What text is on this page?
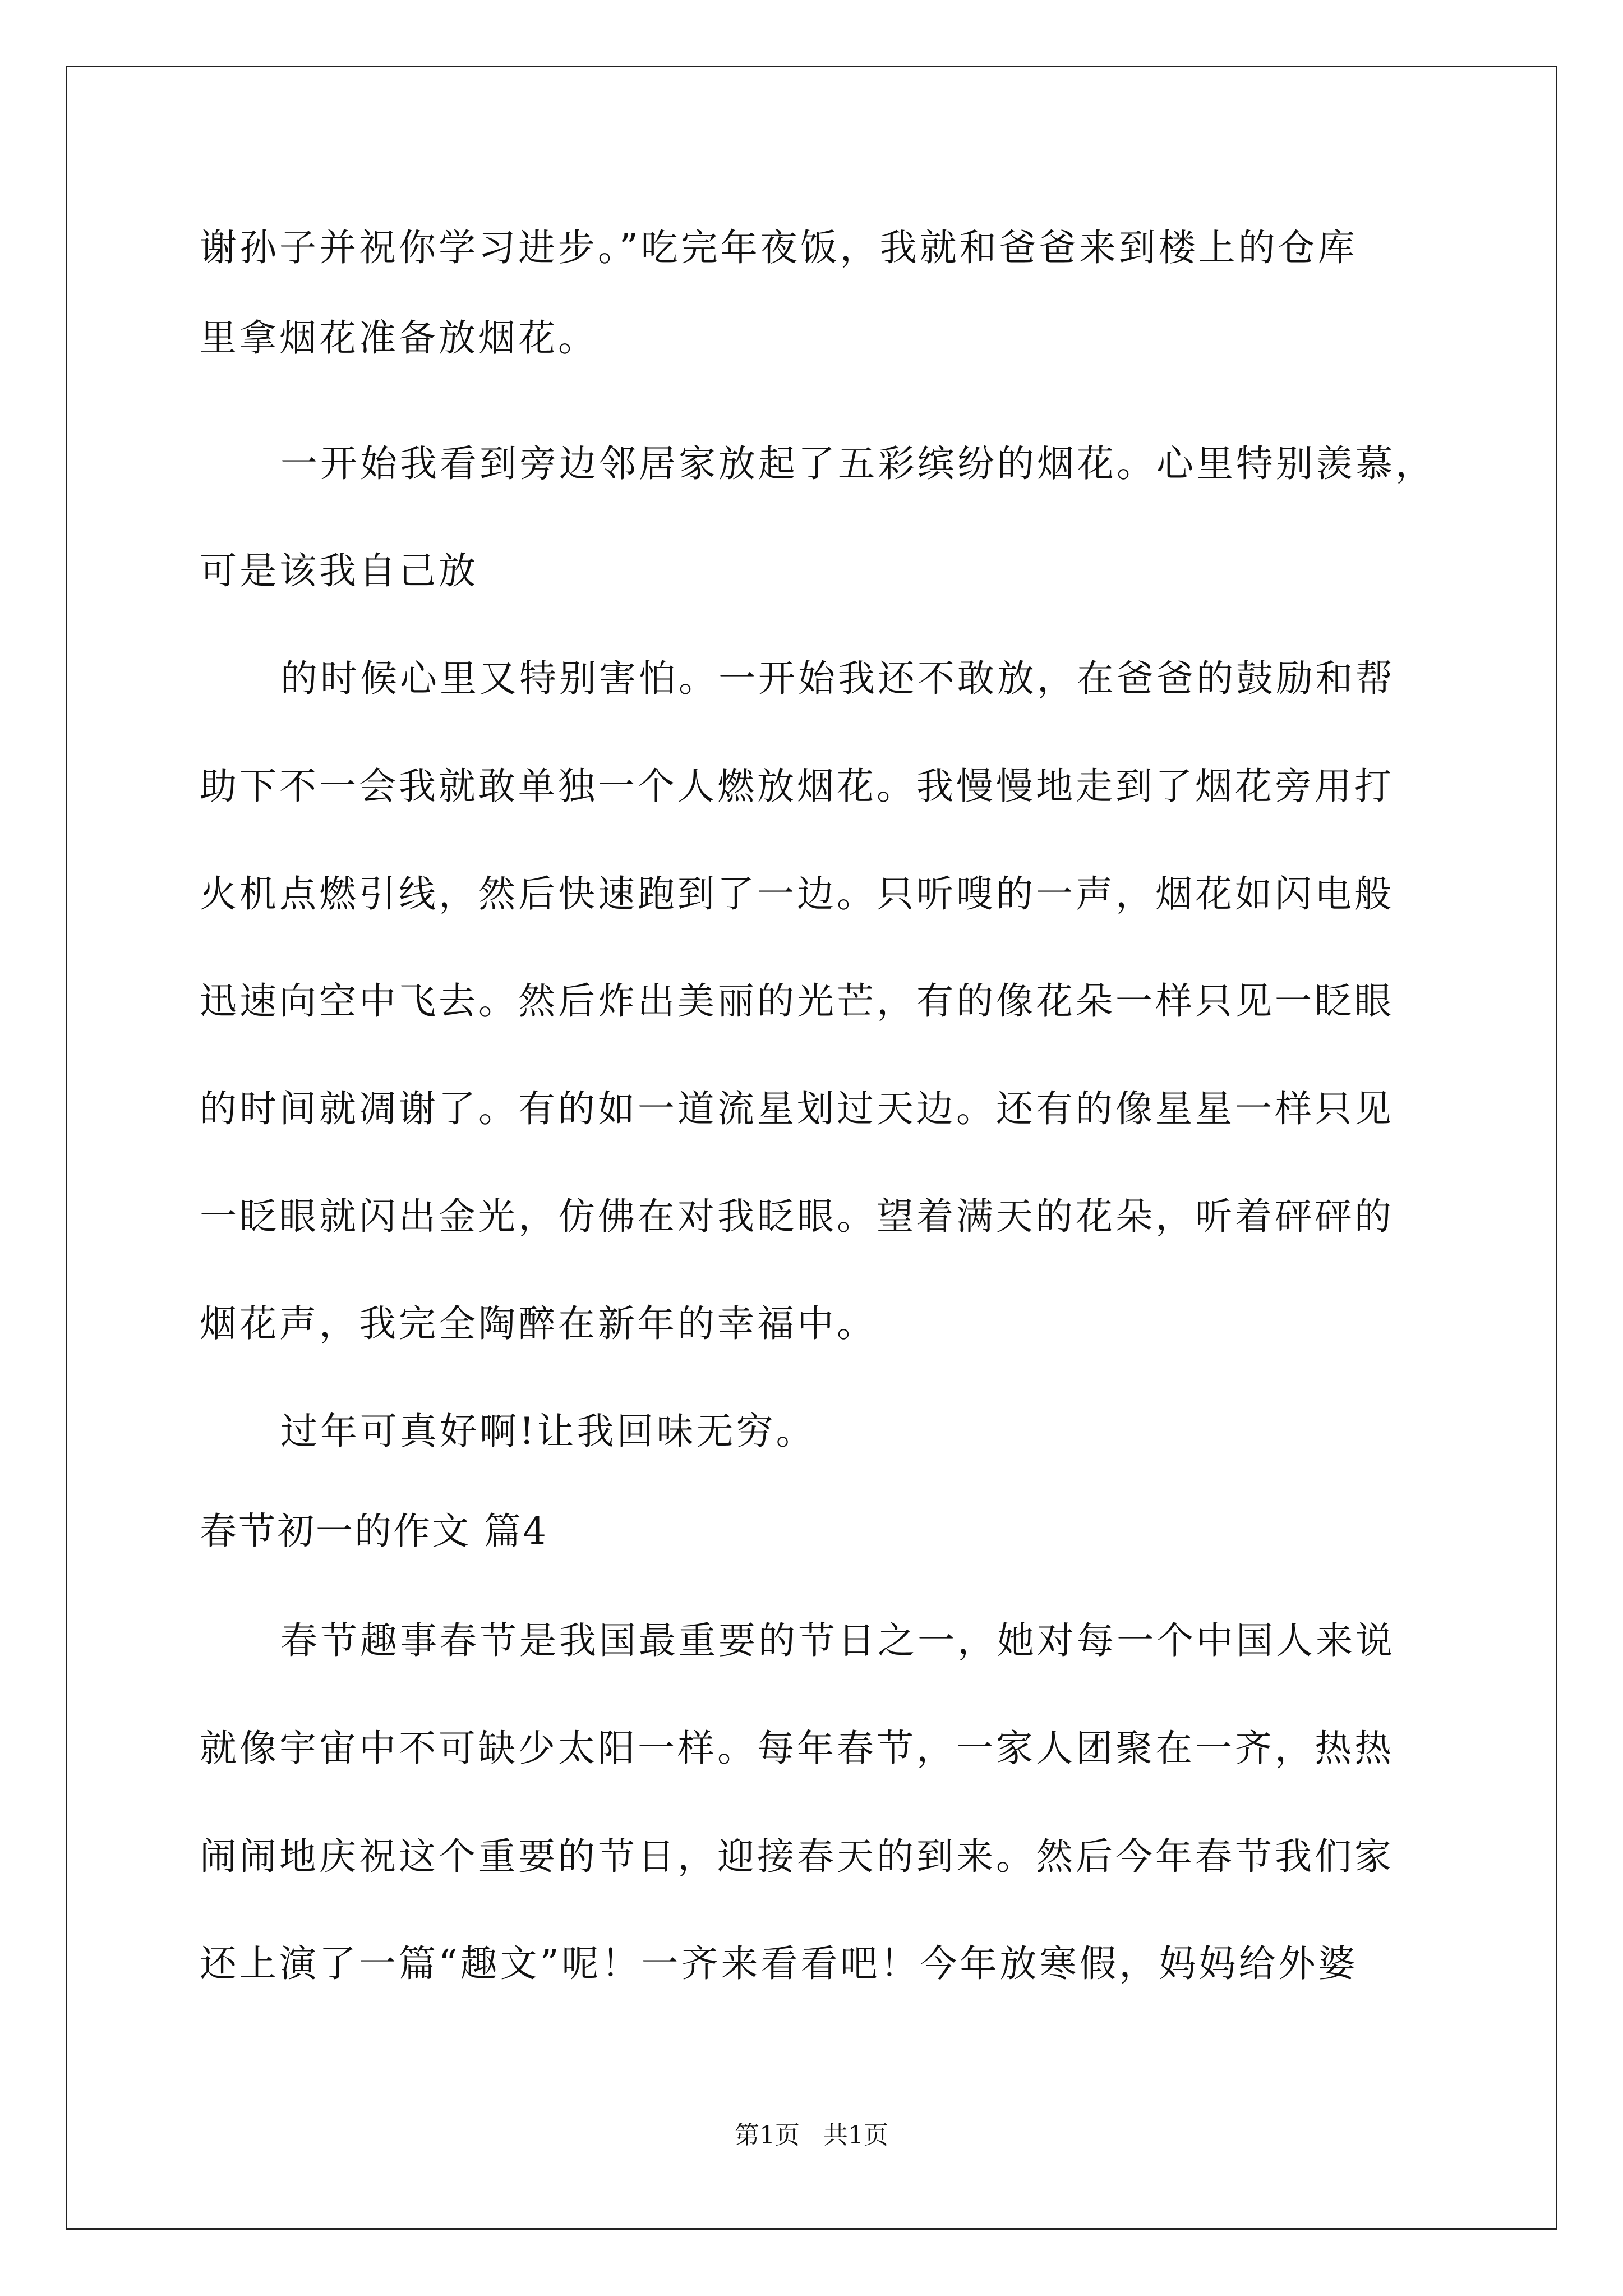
谢孙子并祝你学习进步。”吃完年夜饭，我就和爸爸来到楼上的仓库
里拿烟花准备放烟花。
一开始我看到旁边邻居家放起了五彩缤纷的烟花。心里特别羡慕，
可是该我自己放
的时候心里又特别害怕。一开始我还不敢放，在爸爸的鼓励和帮
助下不一会我就敢单独一个人燃放烟花。我慢慢地走到了烟花旁用打
火机点燃引线，然后快速跑到了一边。只听嗖的一声，烟花如闪电般
迅速向空中飞去。然后炸出美丽的光芒，有的像花朵一样只见一眨眼
的时间就凋谢了。有的如一道流星划过天边。还有的像星星一样只见
一眨眼就闪出金光，仿佛在对我眨眼。望着满天的花朵，听着砰砰的
烟花声，我完全陶醉在新年的幸福中。
过年可真好啊!让我回味无穷。
春节初一的作文 篇4
春节趣事春节是我国最重要的节日之一，她对每一个中国人来说
就像宇宙中不可缺少太阳一样。每年春节，一家人团聚在一齐，热热
闹闹地庆祝这个重要的节日，迎接春天的到来。然后今年春节我们家
还上演了一篇“趣文”呢！一齐来看看吧！今年放寒假，妈妈给外婆
第1页   共1页
